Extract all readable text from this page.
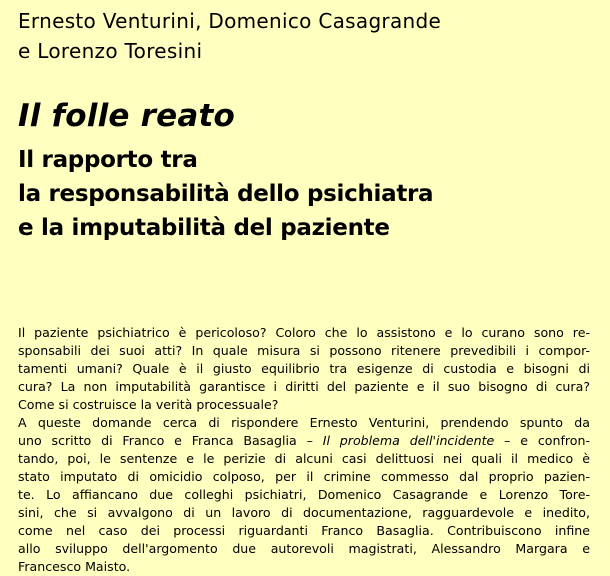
Ernesto Venturini, Domenico Casagrande
e Lorenzo Toresini
Il folle reato
Il rapporto tra
la responsabilità dello psichiatra
e la imputabilità del paziente
Il paziente psichiatrico è pericoloso? Coloro che lo assistono e lo curano sono re-
sponsabili dei suoi atti? In quale misura si possono ritenere prevedibili i compor-
tamenti umani? Quale è il giusto equilibrio tra esigenze di custodia e bisogni di
cura? La non imputabilità garantisce i diritti del paziente e il suo bisogno di cura?
Come si costruisce la verità processuale?
A queste domande cerca di rispondere Ernesto Venturini, prendendo spunto da
uno scritto di Franco e Franca Basaglia – Il problema dell'incidente – e confron-
tando, poi, le sentenze e le perizie di alcuni casi delittuosi nei quali il medico è
stato imputato di omicidio colposo, per il crimine commesso dal proprio pazien-
te. Lo affiancano due colleghi psichiatri, Domenico Casagrande e Lorenzo Tore-
sini, che si avvalgono di un lavoro di documentazione, ragguardevole e inedito,
come nel caso dei processi riguardanti Franco Basaglia. Contribuiscono infine
allo sviluppo dell'argomento due autorevoli magistrati, Alessandro Margara e
Francesco Maisto.
